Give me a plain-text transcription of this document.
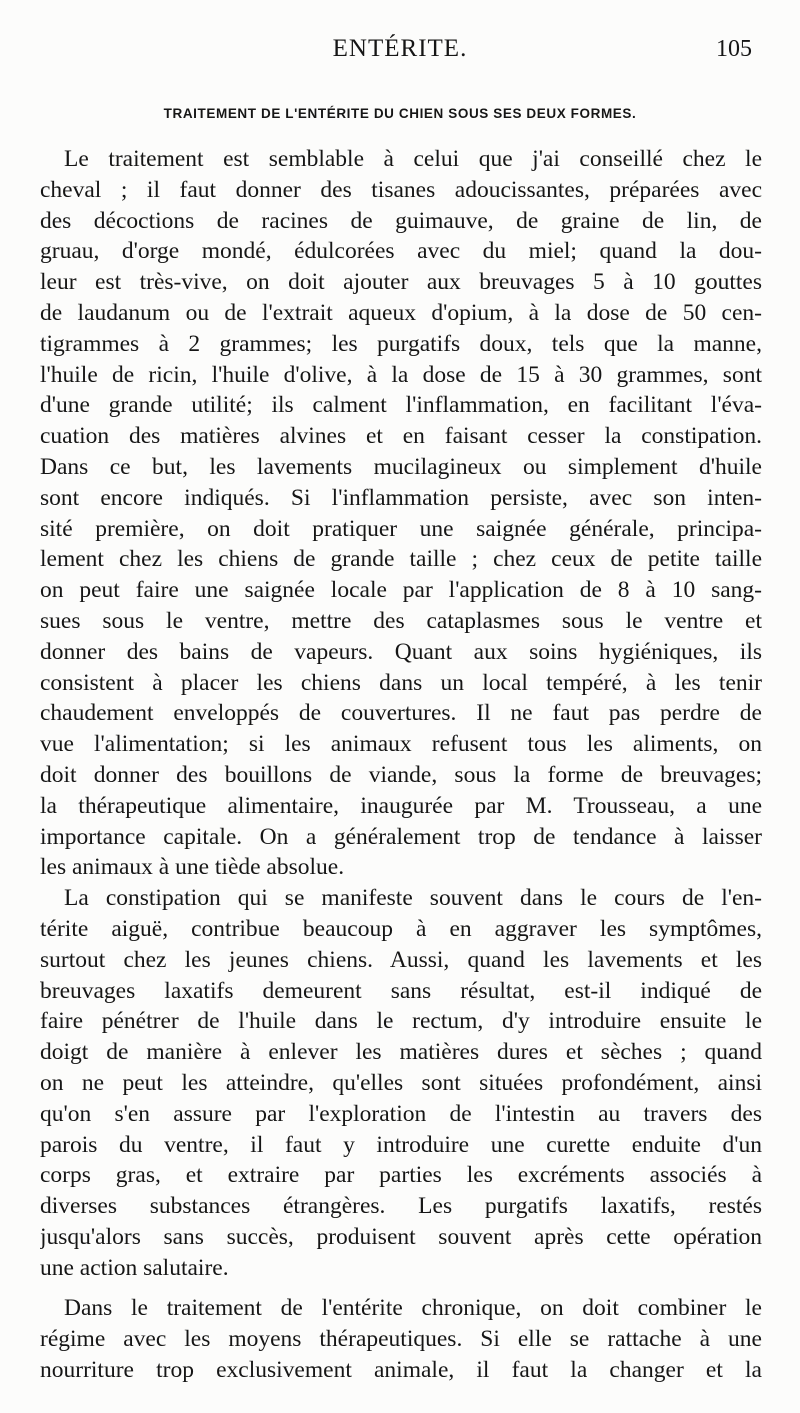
ENTÉRITE.	105
TRAITEMENT DE L'ENTÉRITE DU CHIEN SOUS SES DEUX FORMES.
Le traitement est semblable à celui que j'ai conseillé chez le
cheval ; il faut donner des tisanes adoucissantes, préparées avec
des décoctions de racines de guimauve, de graine de lin, de
gruau, d'orge mondé, édulcorées avec du miel; quand la dou-
leur est très-vive, on doit ajouter aux breuvages 5 à 10 gouttes
de laudanum ou de l'extrait aqueux d'opium, à la dose de 50 cen-
tigrammes à 2 grammes; les purgatifs doux, tels que la manne,
l'huile de ricin, l'huile d'olive, à la dose de 15 à 30 grammes, sont
d'une grande utilité; ils calment l'inflammation, en facilitant l'éva-
cuation des matières alvines et en faisant cesser la constipation.
Dans ce but, les lavements mucilagineux ou simplement d'huile
sont encore indiqués. Si l'inflammation persiste, avec son inten-
sité première, on doit pratiquer une saignée générale, principa-
lement chez les chiens de grande taille ; chez ceux de petite taille
on peut faire une saignée locale par l'application de 8 à 10 sang-
sues sous le ventre, mettre des cataplasmes sous le ventre et
donner des bains de vapeurs. Quant aux soins hygiéniques, ils
consistent à placer les chiens dans un local tempéré, à les tenir
chaudement enveloppés de couvertures. Il ne faut pas perdre de
vue l'alimentation; si les animaux refusent tous les aliments, on
doit donner des bouillons de viande, sous la forme de breuvages;
la thérapeutique alimentaire, inaugurée par M. Trousseau, a une
importance capitale. On a généralement trop de tendance à laisser
les animaux à une tiède absolue.
La constipation qui se manifeste souvent dans le cours de l'en-
térite aiguë, contribue beaucoup à en aggraver les symptômes,
surtout chez les jeunes chiens. Aussi, quand les lavements et les
breuvages laxatifs demeurent sans résultat, est-il indiqué de
faire pénétrer de l'huile dans le rectum, d'y introduire ensuite le
doigt de manière à enlever les matières dures et sèches ; quand
on ne peut les atteindre, qu'elles sont situées profondément, ainsi
qu'on s'en assure par l'exploration de l'intestin au travers des
parois du ventre, il faut y introduire une curette enduite d'un
corps gras, et extraire par parties les excréments associés à
diverses substances étrangères. Les purgatifs laxatifs, restés
jusqu'alors sans succès, produisent souvent après cette opération
une action salutaire.
Dans le traitement de l'entérite chronique, on doit combiner le
régime avec les moyens thérapeutiques. Si elle se rattache à une
nourriture trop exclusivement animale, il faut la changer et la
